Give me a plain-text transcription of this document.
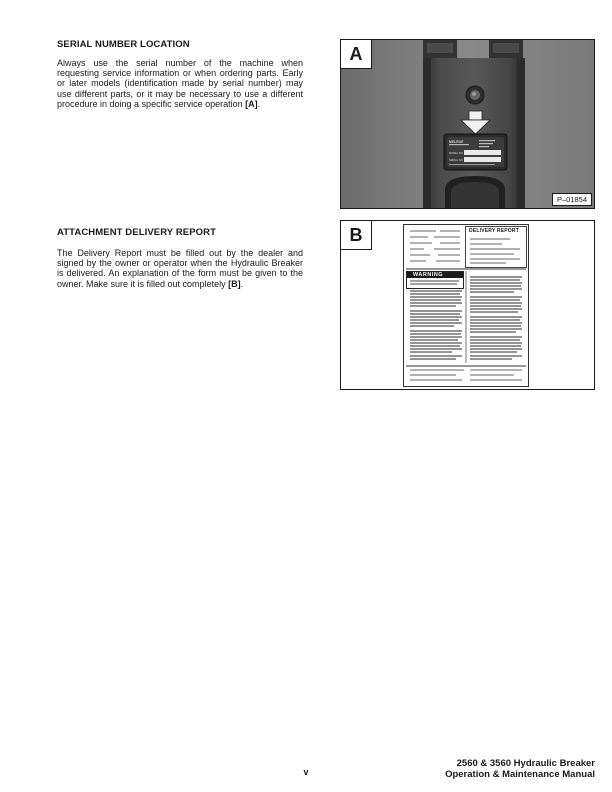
SERIAL NUMBER LOCATION
Always use the serial number of the machine when requesting service information or when ordering parts. Early or later models (identification made by serial number) may use different parts, or it may be necessary to use a different procedure in doing a specific service operation [A].
ATTACHMENT DELIVERY REPORT
The Delivery Report must be filled out by the dealer and signed by the owner or operator when the Hydraulic Breaker is delivered. An explanation of the form must be given to the owner. Make sure it is filled out completely [B].
A
MELROE
MODEL NO.
SERIAL NO.
P–01854
B	DELIVERY REPORT
WARNING
v
2560 & 3560 Hydraulic Breaker
Operation & Maintenance Manual
